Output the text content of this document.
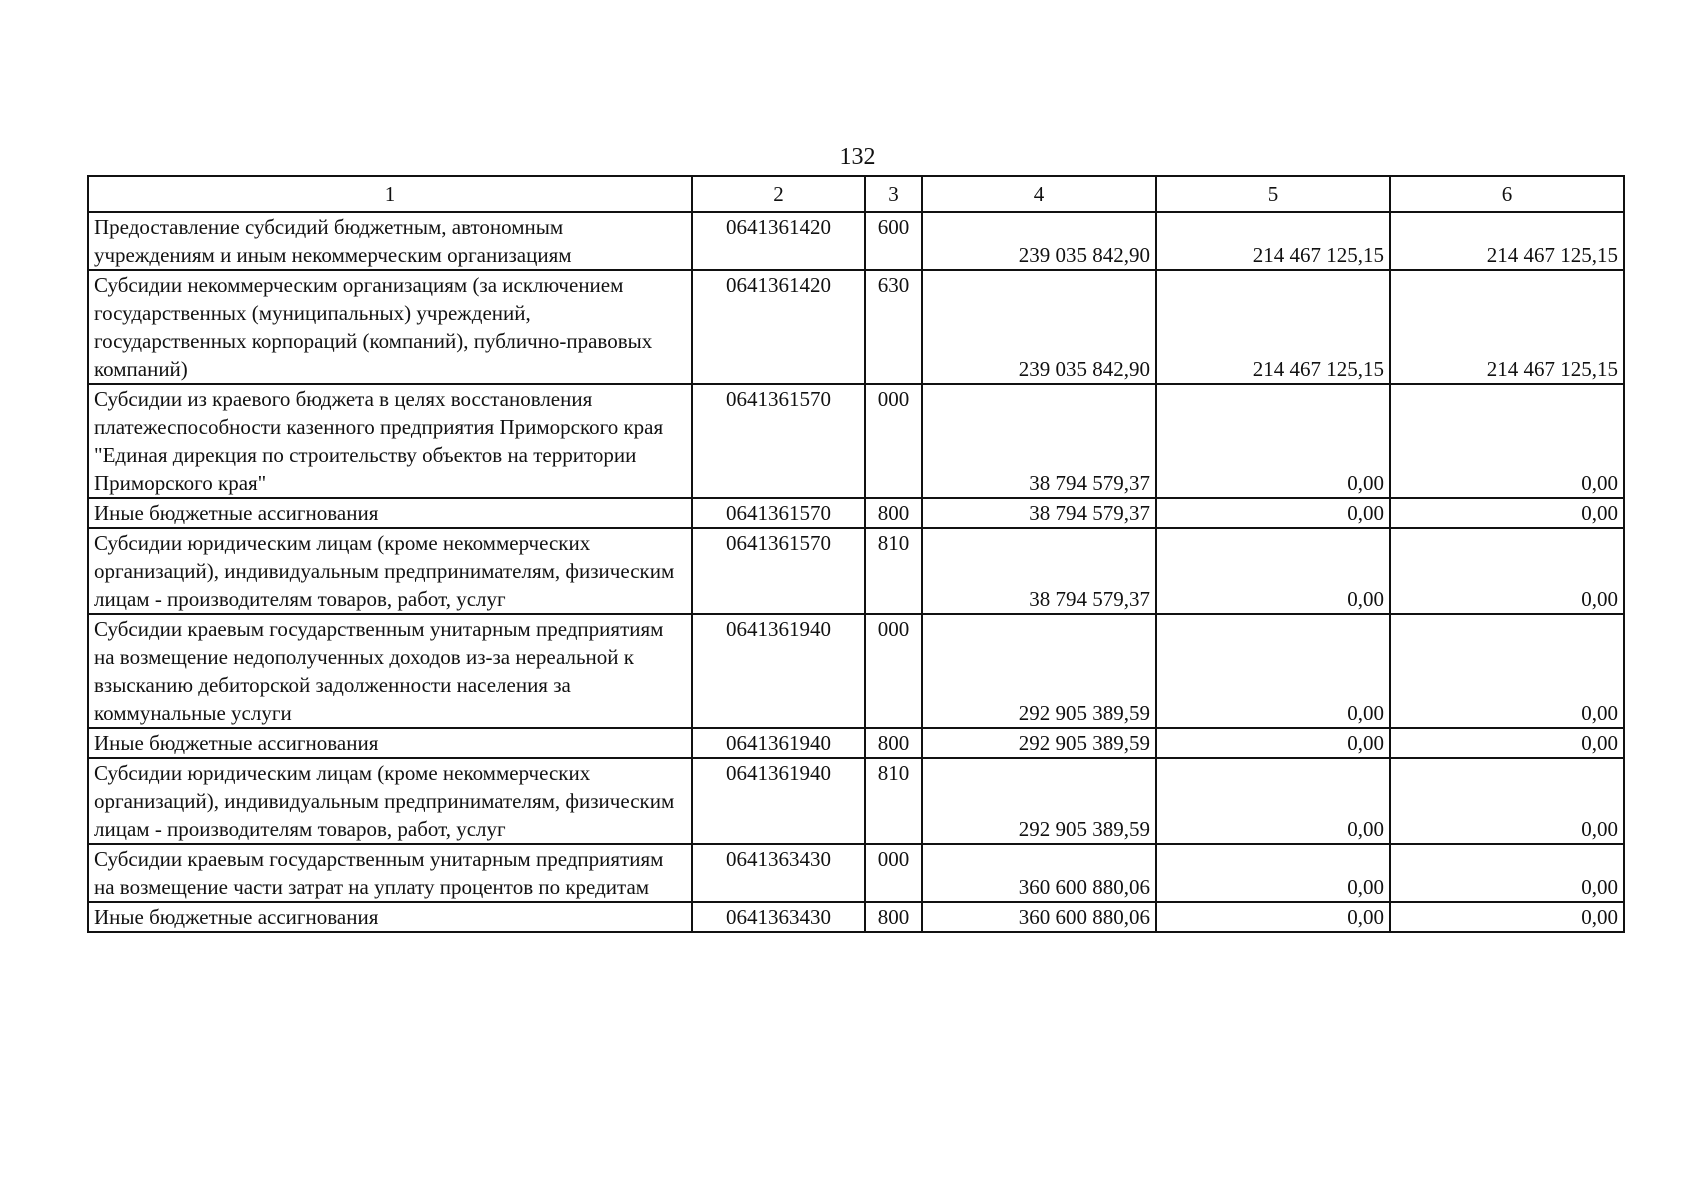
132
1	2	3	4	5	6
Предоставление субсидий бюджетным, автономным учреждениям и иным некоммерческим организациям	0641361420	600	239 035 842,90	214 467 125,15	214 467 125,15
Субсидии некоммерческим организациям (за исключением государственных (муниципальных) учреждений, государственных корпораций (компаний), публично-правовых компаний)	0641361420	630	239 035 842,90	214 467 125,15	214 467 125,15
Субсидии из краевого бюджета в целях восстановления платежеспособности казенного предприятия Приморского края "Единая дирекция по строительству объектов на территории Приморского края"	0641361570	000	38 794 579,37	0,00	0,00
Иные бюджетные ассигнования	0641361570	800	38 794 579,37	0,00	0,00
Субсидии юридическим лицам (кроме некоммерческих организаций), индивидуальным предпринимателям, физическим лицам - производителям товаров, работ, услуг	0641361570	810	38 794 579,37	0,00	0,00
Субсидии краевым государственным унитарным предприятиям на возмещение недополученных доходов из-за нереальной к взысканию дебиторской задолженности населения за коммунальные услуги	0641361940	000	292 905 389,59	0,00	0,00
Иные бюджетные ассигнования	0641361940	800	292 905 389,59	0,00	0,00
Субсидии юридическим лицам (кроме некоммерческих организаций), индивидуальным предпринимателям, физическим лицам - производителям товаров, работ, услуг	0641361940	810	292 905 389,59	0,00	0,00
Субсидии краевым государственным унитарным предприятиям на возмещение части затрат на уплату процентов по кредитам	0641363430	000	360 600 880,06	0,00	0,00
Иные бюджетные ассигнования	0641363430	800	360 600 880,06	0,00	0,00
